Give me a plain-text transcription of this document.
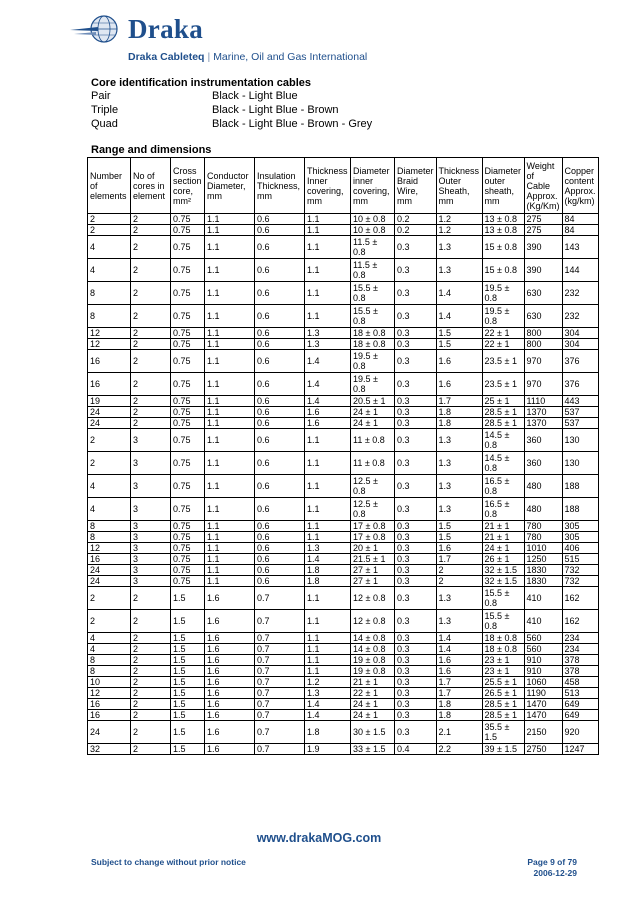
Draka
Draka Cableteq | Marine, Oil and Gas International
Core identification instrumentation cables
Pair	Black - Light Blue
Triple	Black - Light Blue - Brown
Quad	Black - Light Blue - Brown - Grey
Range and dimensions
Number of elements	No of cores in element	Cross section core, mm²	Conductor Diameter, mm	Insulation Thickness, mm	Thickness Inner covering, mm	Diameter inner covering, mm	Diameter Braid Wire, mm	Thickness Outer Sheath, mm	Diameter outer sheath, mm	Weight of Cable Approx. (Kg/Km)	Copper content Approx. (kg/km)
2	2	0.75	1.1	0.6	1.1	10 ± 0.8	0.2	1.2	13 ± 0.8	275	84
2	2	0.75	1.1	0.6	1.1	10 ± 0.8	0.2	1.2	13 ± 0.8	275	84
4	2	0.75	1.1	0.6	1.1	11.5 ± 0.8	0.3	1.3	15 ± 0.8	390	143
4	2	0.75	1.1	0.6	1.1	11.5 ± 0.8	0.3	1.3	15 ± 0.8	390	144
8	2	0.75	1.1	0.6	1.1	15.5 ± 0.8	0.3	1.4	19.5 ± 0.8	630	232
8	2	0.75	1.1	0.6	1.1	15.5 ± 0.8	0.3	1.4	19.5 ± 0.8	630	232
12	2	0.75	1.1	0.6	1.3	18 ± 0.8	0.3	1.5	22 ± 1	800	304
12	2	0.75	1.1	0.6	1.3	18 ± 0.8	0.3	1.5	22 ± 1	800	304
16	2	0.75	1.1	0.6	1.4	19.5 ± 0.8	0.3	1.6	23.5 ± 1	970	376
16	2	0.75	1.1	0.6	1.4	19.5 ± 0.8	0.3	1.6	23.5 ± 1	970	376
19	2	0.75	1.1	0.6	1.4	20.5 ± 1	0.3	1.7	25 ± 1	1110	443
24	2	0.75	1.1	0.6	1.6	24 ± 1	0.3	1.8	28.5 ± 1	1370	537
24	2	0.75	1.1	0.6	1.6	24 ± 1	0.3	1.8	28.5 ± 1	1370	537
2	3	0.75	1.1	0.6	1.1	11 ± 0.8	0.3	1.3	14.5 ± 0.8	360	130
2	3	0.75	1.1	0.6	1.1	11 ± 0.8	0.3	1.3	14.5 ± 0.8	360	130
4	3	0.75	1.1	0.6	1.1	12.5 ± 0.8	0.3	1.3	16.5 ± 0.8	480	188
4	3	0.75	1.1	0.6	1.1	12.5 ± 0.8	0.3	1.3	16.5 ± 0.8	480	188
8	3	0.75	1.1	0.6	1.1	17 ± 0.8	0.3	1.5	21 ± 1	780	305
8	3	0.75	1.1	0.6	1.1	17 ± 0.8	0.3	1.5	21 ± 1	780	305
12	3	0.75	1.1	0.6	1.3	20 ± 1	0.3	1.6	24 ± 1	1010	406
16	3	0.75	1.1	0.6	1.4	21.5 ± 1	0.3	1.7	26 ± 1	1250	515
24	3	0.75	1.1	0.6	1.8	27 ± 1	0.3	2	32 ± 1.5	1830	732
24	3	0.75	1.1	0.6	1.8	27 ± 1	0.3	2	32 ± 1.5	1830	732
2	2	1.5	1.6	0.7	1.1	12 ± 0.8	0.3	1.3	15.5 ± 0.8	410	162
2	2	1.5	1.6	0.7	1.1	12 ± 0.8	0.3	1.3	15.5 ± 0.8	410	162
4	2	1.5	1.6	0.7	1.1	14 ± 0.8	0.3	1.4	18 ± 0.8	560	234
4	2	1.5	1.6	0.7	1.1	14 ± 0.8	0.3	1.4	18 ± 0.8	560	234
8	2	1.5	1.6	0.7	1.1	19 ± 0.8	0.3	1.6	23 ± 1	910	378
8	2	1.5	1.6	0.7	1.1	19 ± 0.8	0.3	1.6	23 ± 1	910	378
10	2	1.5	1.6	0.7	1.2	21 ± 1	0.3	1.7	25.5 ± 1	1060	458
12	2	1.5	1.6	0.7	1.3	22 ± 1	0.3	1.7	26.5 ± 1	1190	513
16	2	1.5	1.6	0.7	1.4	24 ± 1	0.3	1.8	28.5 ± 1	1470	649
16	2	1.5	1.6	0.7	1.4	24 ± 1	0.3	1.8	28.5 ± 1	1470	649
24	2	1.5	1.6	0.7	1.8	30 ± 1.5	0.3	2.1	35.5 ± 1.5	2150	920
32	2	1.5	1.6	0.7	1.9	33 ± 1.5	0.4	2.2	39 ± 1.5	2750	1247
www.drakaMOG.com
Subject to change without prior notice	Page 9 of 79
2006-12-29
